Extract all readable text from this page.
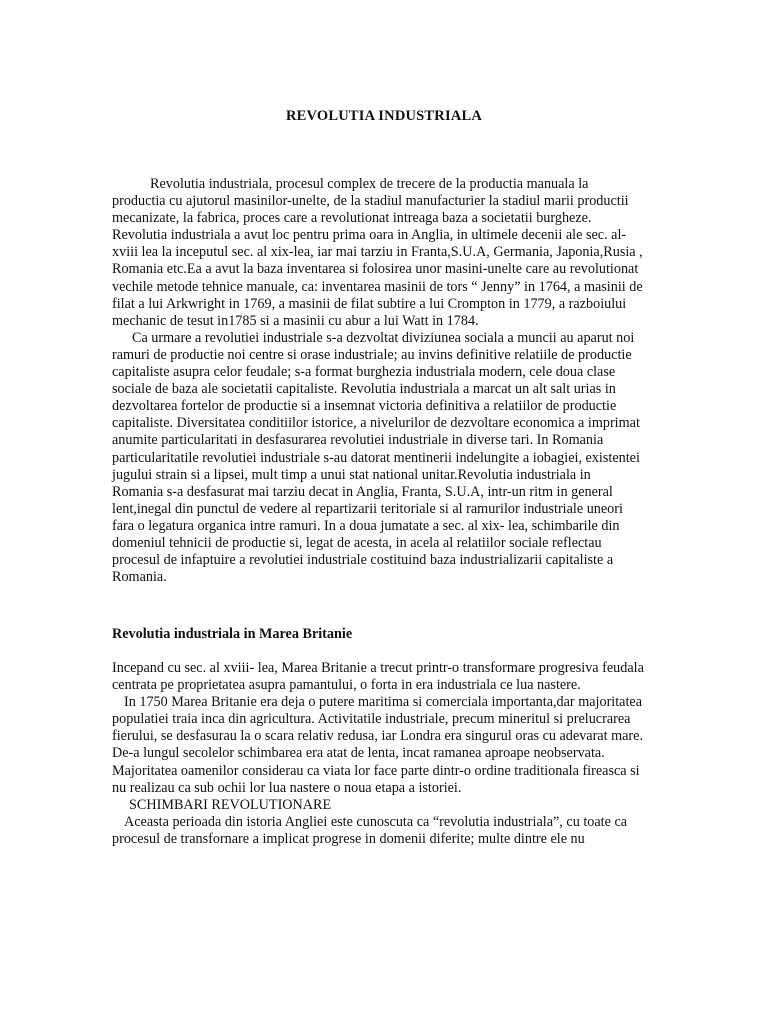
REVOLUTIA INDUSTRIALA

Revolutia industriala, procesul complex de trecere de la productia manuala la productia cu ajutorul masinilor-unelte, de la stadiul manufacturier la stadiul marii productii mecanizate, la fabrica, proces care a revolutionat intreaga baza a societatii burgheze. Revolutia industriala a avut loc pentru prima oara in Anglia, in ultimele decenii ale sec. al-xviii lea la inceputul sec. al xix-lea, iar mai tarziu in Franta,S.U.A, Germania, Japonia,Rusia , Romania etc.Ea a avut la baza inventarea si folosirea unor masini-unelte care au revolutionat vechile metode tehnice manuale, ca: inventarea masinii de tors “ Jenny” in 1764, a masinii de filat a lui Arkwright in 1769, a masinii de filat subtire a lui Crompton in 1779, a razboiului mechanic de tesut in1785 si a masinii cu abur a lui Watt in 1784.

Ca urmare a revolutiei industriale s-a dezvoltat diviziunea sociala a muncii au aparut noi ramuri de productie noi centre si orase industriale; au invins definitive relatiile de productie capitaliste asupra celor feudale; s-a format burghezia industriala modern, cele doua clase sociale de baza ale societatii capitaliste. Revolutia industriala a marcat un alt salt urias in dezvoltarea fortelor de productie si a insemnat victoria definitiva a relatiilor de productie capitaliste. Diversitatea conditiilor istorice, a nivelurilor de dezvoltare economica a imprimat anumite particularitati in desfasurarea revolutiei industriale in diverse tari. In Romania particularitatile revolutiei industriale s-au datorat mentinerii indelungite a iobagiei, existentei jugului strain si a lipsei, mult timp a unui stat national unitar.Revolutia industriala in Romania s-a desfasurat mai tarziu decat in Anglia, Franta, S.U.A, intr-un ritm in general lent,inegal din punctul de vedere al repartizarii teritoriale si al ramurilor industriale uneori fara o legatura organica intre ramuri. In a doua jumatate a sec. al xix- lea, schimbarile din domeniul tehnicii de productie si, legat de acesta, in acela al relatiilor sociale reflectau procesul de infaptuire a revolutiei industriale costituind baza industrializarii capitaliste a Romania.

Revolutia industriala in Marea Britanie

Incepand cu sec. al xviii- lea, Marea Britanie a trecut printr-o transformare progresiva feudala centrata pe proprietatea asupra pamantului, o forta in era industriala ce lua nastere.

In 1750 Marea Britanie era deja o putere maritima si comerciala importanta,dar majoritatea populatiei traia inca din agricultura. Activitatile industriale, precum mineritul si prelucrarea fierului, se desfasurau la o scara relativ redusa, iar Londra era singurul oras cu adevarat mare. De-a lungul secolelor schimbarea era atat de lenta, incat ramanea aproape neobservata. Majoritatea oamenilor considerau ca viata lor face parte dintr-o ordine traditionala fireasca si nu realizau ca sub ochii lor lua nastere o noua etapa a istoriei.

SCHIMBARI REVOLUTIONARE

Aceasta perioada din istoria Angliei este cunoscuta ca “revolutia industriala”, cu toate ca procesul de transfornare a implicat progrese in domenii diferite; multe dintre ele nu
